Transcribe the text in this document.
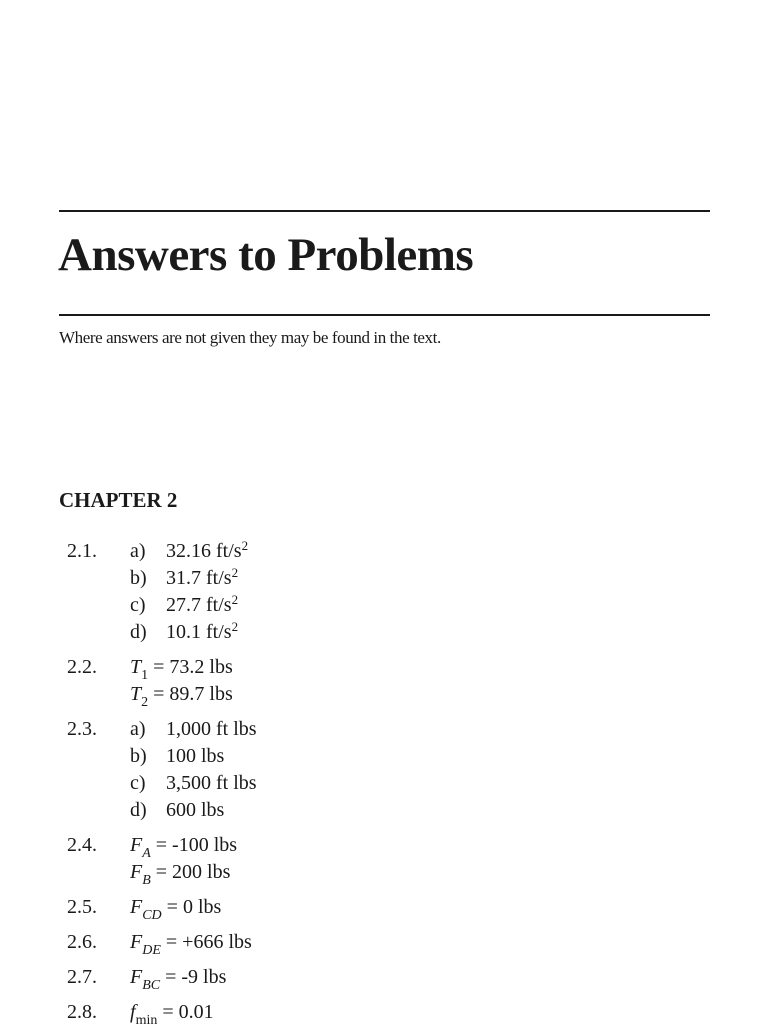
Answers to Problems
Where answers are not given they may be found in the text.
CHAPTER 2
2.1. a) 32.16 $ft/s^2$
b) 31.7 $ft/s^2$
c) 27.7 $ft/s^2$
d) 10.1 $ft/s^2$
2.2. $T_1 = 73.2$ lbs
$T_2 = 89.7$ lbs
2.3. a) 1,000 ft lbs
b) 100 lbs
c) 3,500 ft lbs
d) 600 lbs
2.4. $F_A = -100$ lbs
$F_B = 200$ lbs
2.5. $F_{CD} = 0$ lbs
2.6. $F_{DE} = +666$ lbs
2.7. $F_{BC} = -9$ lbs
2.8. $f_{min} = 0.01$
